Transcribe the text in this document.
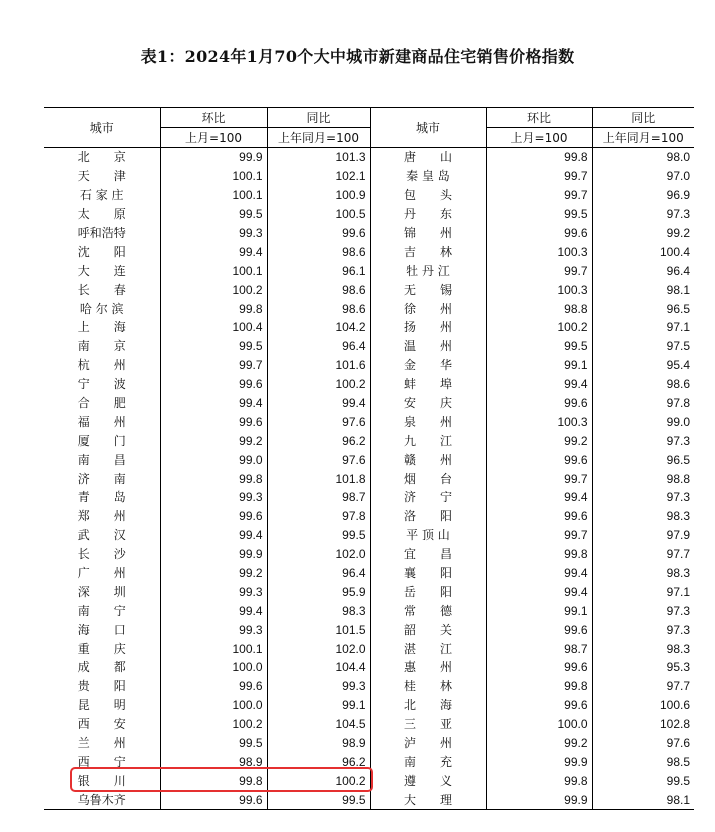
表1：2024年1月70个大中城市新建商品住宅销售价格指数
城市	环比	同比	城市	环比	同比
	上月=100	上年同月=100		上月=100	上年同月=100
北　　京	99.9	101.3	唐　　山	99.8	98.0
天　　津	100.1	102.1	秦 皇 岛	99.7	97.0
石 家 庄	100.1	100.9	包　　头	99.7	96.9
太　　原	99.5	100.5	丹　　东	99.5	97.3
呼和浩特	99.3	99.6	锦　　州	99.6	99.2
沈　　阳	99.4	98.6	吉　　林	100.3	100.4
大　　连	100.1	96.1	牡 丹 江	99.7	96.4
长　　春	100.2	98.6	无　　锡	100.3	98.1
哈 尔 滨	99.8	98.6	徐　　州	98.8	96.5
上　　海	100.4	104.2	扬　　州	100.2	97.1
南　　京	99.5	96.4	温　　州	99.5	97.5
杭　　州	99.7	101.6	金　　华	99.1	95.4
宁　　波	99.6	100.2	蚌　　埠	99.4	98.6
合　　肥	99.4	99.4	安　　庆	99.6	97.8
福　　州	99.6	97.6	泉　　州	100.3	99.0
厦　　门	99.2	96.2	九　　江	99.2	97.3
南　　昌	99.0	97.6	赣　　州	99.6	96.5
济　　南	99.8	101.8	烟　　台	99.7	98.8
青　　岛	99.3	98.7	济　　宁	99.4	97.3
郑　　州	99.6	97.8	洛　　阳	99.6	98.3
武　　汉	99.4	99.5	平 顶 山	99.7	97.9
长　　沙	99.9	102.0	宜　　昌	99.8	97.7
广　　州	99.2	96.4	襄　　阳	99.4	98.3
深　　圳	99.3	95.9	岳　　阳	99.4	97.1
南　　宁	99.4	98.3	常　　德	99.1	97.3
海　　口	99.3	101.5	韶　　关	99.6	97.3
重　　庆	100.1	102.0	湛　　江	98.7	98.3
成　　都	100.0	104.4	惠　　州	99.6	95.3
贵　　阳	99.6	99.3	桂　　林	99.8	97.7
昆　　明	100.0	99.1	北　　海	99.6	100.6
西　　安	100.2	104.5	三　　亚	100.0	102.8
兰　　州	99.5	98.9	泸　　州	99.2	97.6
西　　宁	98.9	96.2	南　　充	99.9	98.5
银　　川	99.8	100.2	遵　　义	99.8	99.5
乌鲁木齐	99.6	99.5	大　　理	99.9	98.1
